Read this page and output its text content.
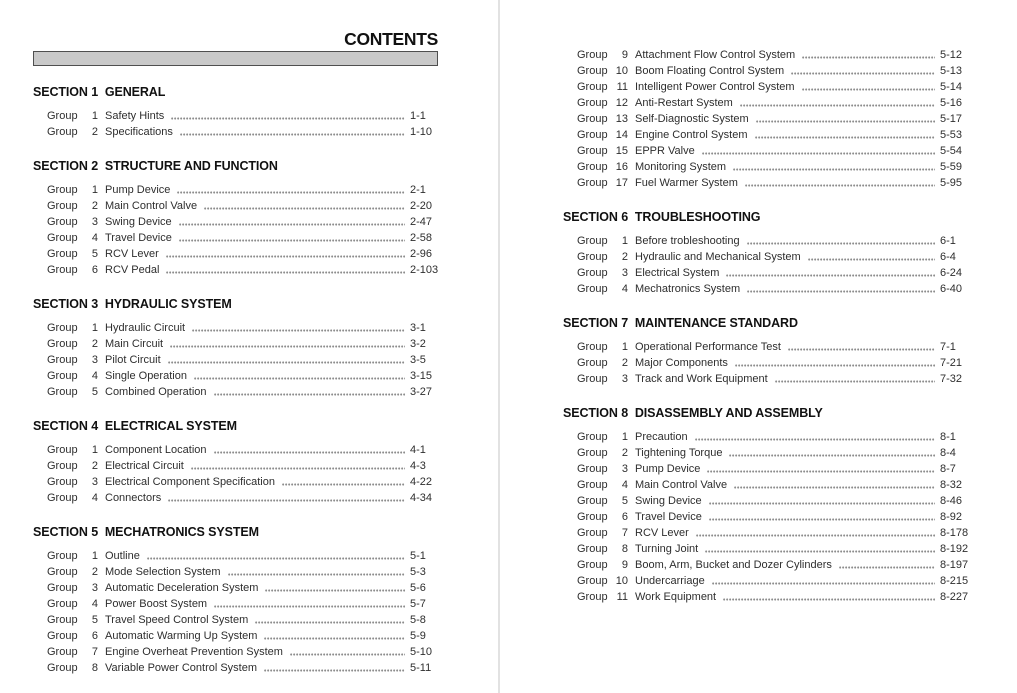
CONTENTS
SECTION 1  GENERAL
Group	1 Safety Hints	1-1
Group	2 Specifications	1-10
SECTION 2  STRUCTURE AND FUNCTION
Group	1 Pump Device	2-1
Group	2 Main Control Valve	2-20
Group	3 Swing Device	2-47
Group	4 Travel Device	2-58
Group	5 RCV Lever	2-96
Group	6 RCV Pedal	2-103
SECTION 3  HYDRAULIC SYSTEM
Group	1 Hydraulic Circuit	3-1
Group	2 Main Circuit	3-2
Group	3 Pilot Circuit	3-5
Group	4 Single Operation	3-15
Group	5 Combined Operation	3-27
SECTION 4  ELECTRICAL SYSTEM
Group	1 Component Location	4-1
Group	2 Electrical Circuit	4-3
Group	3 Electrical Component Specification	4-22
Group	4 Connectors	4-34
SECTION 5  MECHATRONICS SYSTEM
Group	1 Outline	5-1
Group	2 Mode Selection System	5-3
Group	3 Automatic Deceleration System	5-6
Group	4 Power Boost System	5-7
Group	5 Travel Speed Control System	5-8
Group	6 Automatic Warming Up System	5-9
Group	7 Engine Overheat Prevention System	5-10
Group	8 Variable Power Control System	5-11
Group	9 Attachment Flow Control System	5-12
Group 10 Boom Floating Control System	5-13
Group 11 Intelligent Power Control System	5-14
Group 12 Anti-Restart System	5-16
Group 13 Self-Diagnostic System	5-17
Group 14 Engine Control System	5-53
Group 15 EPPR Valve	5-54
Group 16 Monitoring System	5-59
Group 17 Fuel Warmer System	5-95
SECTION 6  TROUBLESHOOTING
Group	1 Before trobleshooting	6-1
Group	2 Hydraulic and Mechanical System	6-4
Group	3 Electrical System	6-24
Group	4 Mechatronics System	6-40
SECTION 7  MAINTENANCE STANDARD
Group	1 Operational Performance Test	7-1
Group	2 Major Components	7-21
Group	3 Track and Work Equipment	7-32
SECTION 8  DISASSEMBLY AND ASSEMBLY
Group	1 Precaution	8-1
Group	2 Tightening Torque	8-4
Group	3 Pump Device	8-7
Group	4 Main Control Valve	8-32
Group	5 Swing Device	8-46
Group	6 Travel Device	8-92
Group	7 RCV Lever	8-178
Group	8 Turning Joint	8-192
Group	9 Boom, Arm, Bucket and Dozer Cylinders	8-197
Group 10 Undercarriage	8-215
Group 11 Work Equipment	8-227
